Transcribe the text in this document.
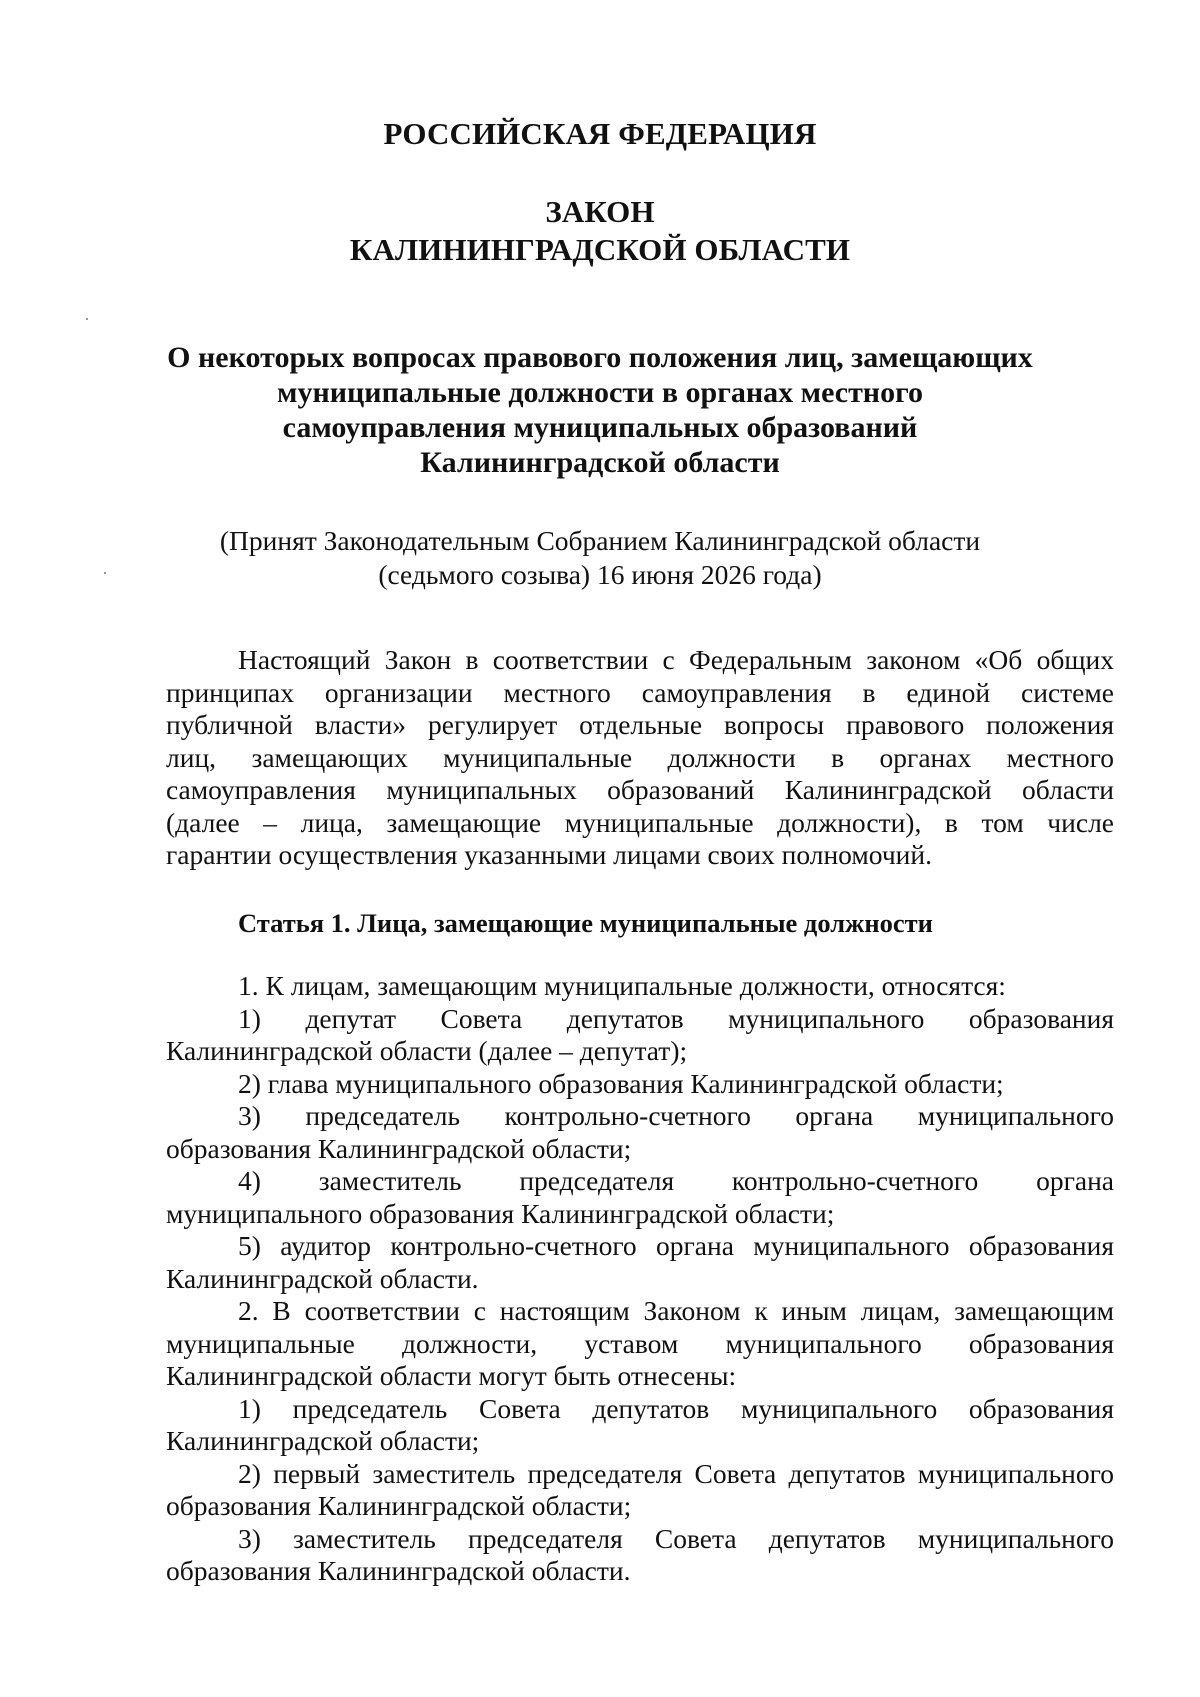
РОССИЙСКАЯ ФЕДЕРАЦИЯ
ЗАКОН
КАЛИНИНГРАДСКОЙ ОБЛАСТИ
О некоторых вопросах правового положения лиц, замещающих
муниципальные должности в органах местного
самоуправления муниципальных образований
Калининградской области
(Принят Законодательным Собранием Калининградской области
(седьмого созыва) 16 июня 2026 года)
Настоящий Закон в соответствии с Федеральным законом «Об общих
принципах организации местного самоуправления в единой системе
публичной власти» регулирует отдельные вопросы правового положения
лиц, замещающих муниципальные должности в органах местного
самоуправления муниципальных образований Калининградской области
(далее – лица, замещающие муниципальные должности), в том числе
гарантии осуществления указанными лицами своих полномочий.
Статья 1. Лица, замещающие муниципальные должности
1. К лицам, замещающим муниципальные должности, относятся:
1) депутат Совета депутатов муниципального образования
Калининградской области (далее – депутат);
2) глава муниципального образования Калининградской области;
3) председатель контрольно-счетного органа муниципального
образования Калининградской области;
4) заместитель председателя контрольно-счетного органа
муниципального образования Калининградской области;
5) аудитор контрольно-счетного органа муниципального образования
Калининградской области.
2. В соответствии с настоящим Законом к иным лицам, замещающим
муниципальные должности, уставом муниципального образования
Калининградской области могут быть отнесены:
1) председатель Совета депутатов муниципального образования
Калининградской области;
2) первый заместитель председателя Совета депутатов муниципального
образования Калининградской области;
3) заместитель председателя Совета депутатов муниципального
образования Калининградской области.
